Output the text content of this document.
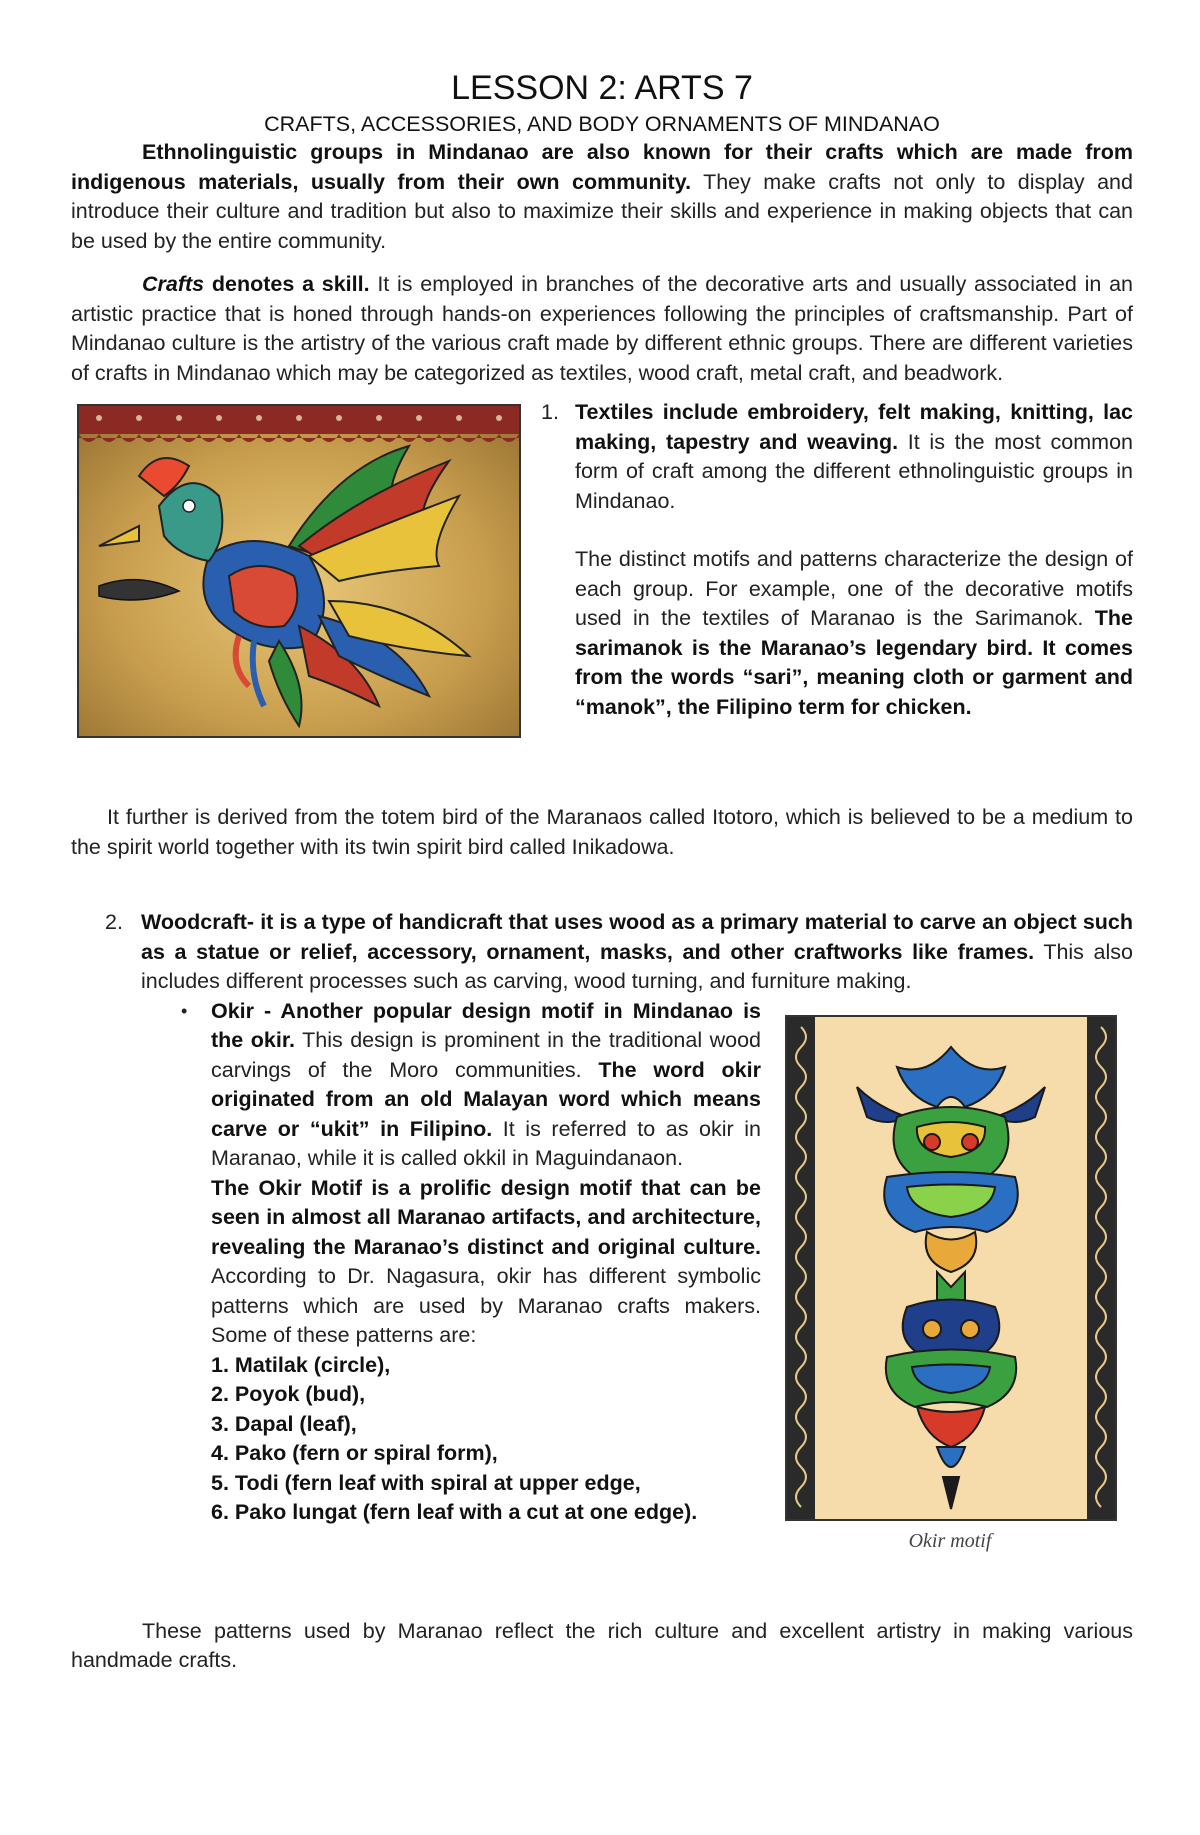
LESSON 2: ARTS 7
CRAFTS, ACCESSORIES, AND BODY ORNAMENTS OF MINDANAO

Ethnolinguistic groups in Mindanao are also known for their crafts which are made from indigenous materials, usually from their own community. They make crafts not only to display and introduce their culture and tradition but also to maximize their skills and experience in making objects that can be used by the entire community.

Crafts denotes a skill. It is employed in branches of the decorative arts and usually associated in an artistic practice that is honed through hands-on experiences following the principles of craftsmanship. Part of Mindanao culture is the artistry of the various craft made by different ethnic groups. There are different varieties of crafts in Mindanao which may be categorized as textiles, wood craft, metal craft, and beadwork.

1. Textiles include embroidery, felt making, knitting, lac making, tapestry and weaving. It is the most common form of craft among the different ethnolinguistic groups in Mindanao.

The distinct motifs and patterns characterize the design of each group. For example, one of the decorative motifs used in the textiles of Maranao is the Sarimanok. The sarimanok is the Maranao’s legendary bird. It comes from the words “sari”, meaning cloth or garment and “manok”, the Filipino term for chicken.

It further is derived from the totem bird of the Maranaos called Itotoro, which is believed to be a medium to the spirit world together with its twin spirit bird called Inikadowa.

2. Woodcraft- it is a type of handicraft that uses wood as a primary material to carve an object such as a statue or relief, accessory, ornament, masks, and other craftworks like frames. This also includes different processes such as carving, wood turning, and furniture making.

• Okir - Another popular design motif in Mindanao is the okir. This design is prominent in the traditional wood carvings of the Moro communities. The word okir originated from an old Malayan word which means carve or “ukit” in Filipino. It is referred to as okir in Maranao, while it is called okkil in Maguindanaon.

The Okir Motif is a prolific design motif that can be seen in almost all Maranao artifacts, and architecture, revealing the Maranao’s distinct and original culture. According to Dr. Nagasura, okir has different symbolic patterns which are used by Maranao crafts makers. Some of these patterns are:

1. Matilak (circle),
2. Poyok (bud),
3. Dapal (leaf),
4. Pako (fern or spiral form),
5. Todi (fern leaf with spiral at upper edge,
6. Pako lungat (fern leaf with a cut at one edge).
Okir motif

These patterns used by Maranao reflect the rich culture and excellent artistry in making various handmade crafts.
